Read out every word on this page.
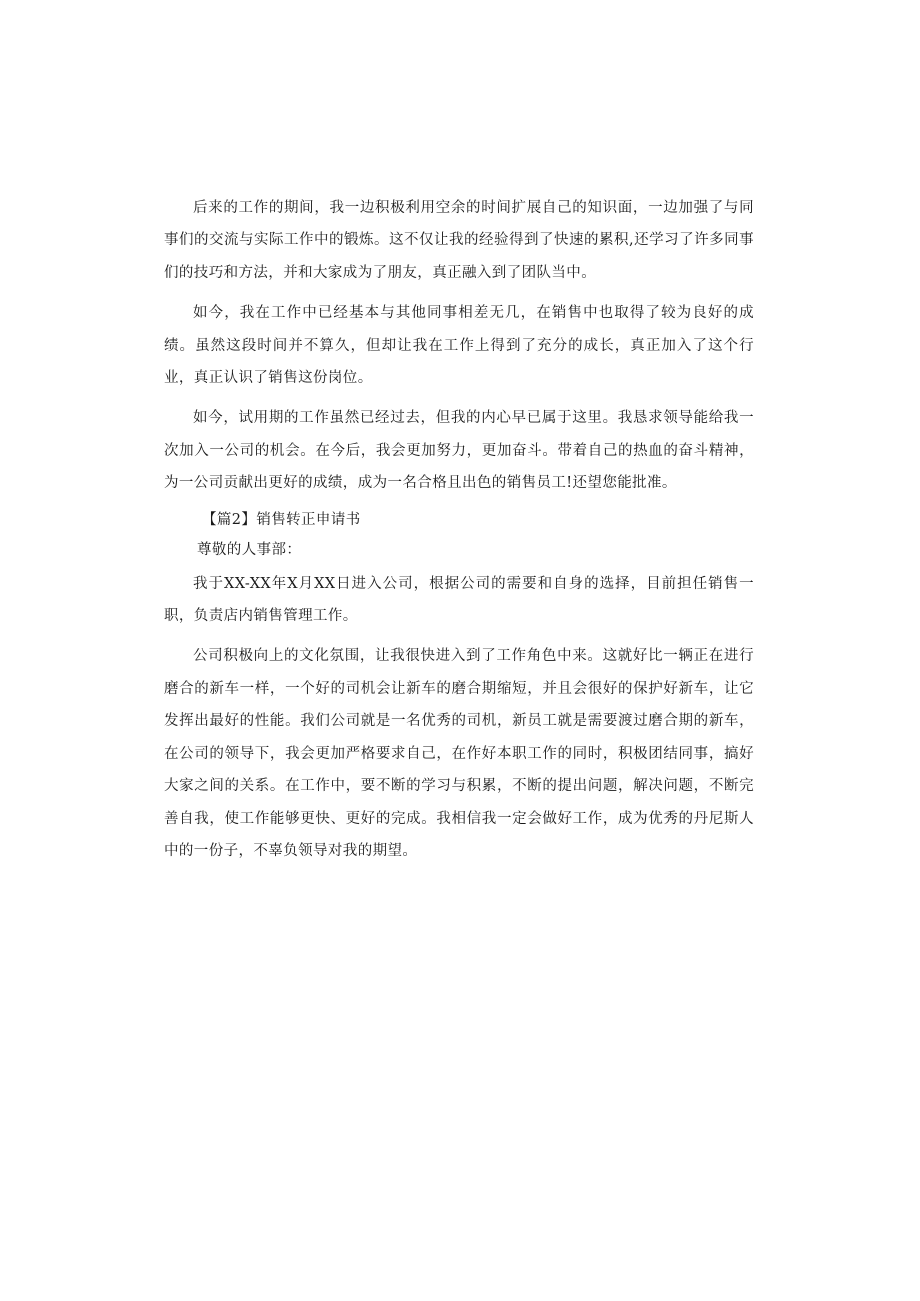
后来的工作的期间，我一边积极利用空余的时间扩展自己的知识面，一边加强了与同事们的交流与实际工作中的锻炼。这不仅让我的经验得到了快速的累积,还学习了许多同事们的技巧和方法，并和大家成为了朋友，真正融入到了团队当中。

如今，我在工作中已经基本与其他同事相差无几，在销售中也取得了较为良好的成绩。虽然这段时间并不算久，但却让我在工作上得到了充分的成长，真正加入了这个行业，真正认识了销售这份岗位。

如今，试用期的工作虽然已经过去，但我的内心早已属于这里。我恳求领导能给我一次加入一公司的机会。在今后，我会更加努力，更加奋斗。带着自己的热血的奋斗精神，为一公司贡献出更好的成绩，成为一名合格且出色的销售员工!还望您能批准。

【篇2】销售转正申请书

尊敬的人事部：

我于XX-XX年X月XX日进入公司，根据公司的需要和自身的选择，目前担任销售一职，负责店内销售管理工作。

公司积极向上的文化氛围，让我很快进入到了工作角色中来。这就好比一辆正在进行磨合的新车一样，一个好的司机会让新车的磨合期缩短，并且会很好的保护好新车，让它发挥出最好的性能。我们公司就是一名优秀的司机，新员工就是需要渡过磨合期的新车，在公司的领导下，我会更加严格要求自己，在作好本职工作的同时，积极团结同事，搞好大家之间的关系。在工作中，要不断的学习与积累，不断的提出问题，解决问题，不断完善自我，使工作能够更快、更好的完成。我相信我一定会做好工作，成为优秀的丹尼斯人中的一份子，不辜负领导对我的期望。
